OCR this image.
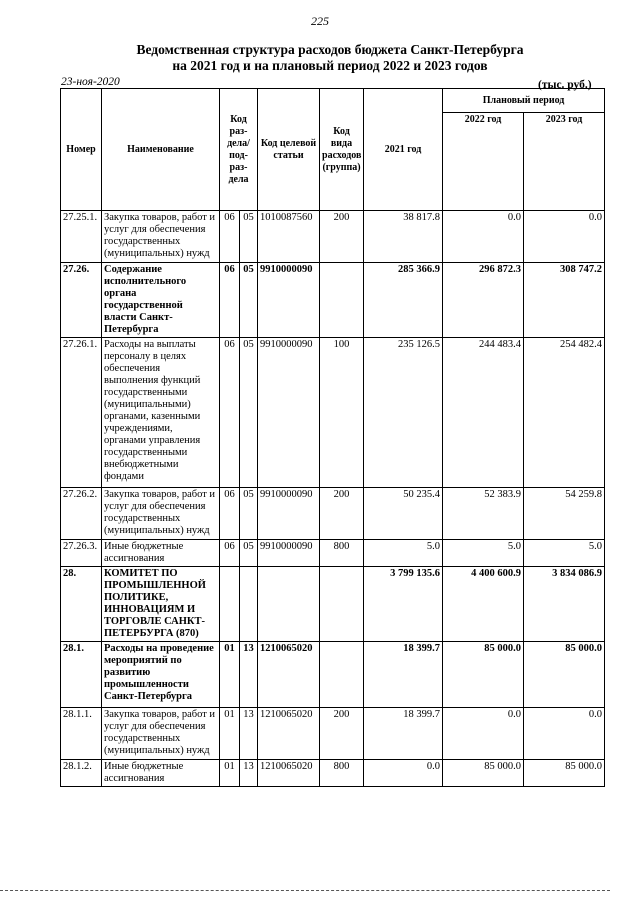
225
Ведомственная структура расходов бюджета Санкт-Петербурга
на 2021 год и на плановый период 2022 и 2023 годов
23-ноя-2020	(тыс. руб.)
Номер	Наименование	Код раз- дела/ под- раз- дела		Код целевой статьи	Код вида расходов (группа)	2021 год	Плановый период	
							2022 год	2023 год
27.25.1.	Закупка товаров, работ и услуг для обеспечения государственных (муниципальных) нужд	06	05	1010087560	200	38 817.8	0.0	0.0
27.26.	Содержание исполнительного органа государственной власти Санкт-Петербурга	06	05	9910000090		285 366.9	296 872.3	308 747.2
27.26.1.	Расходы на выплаты персоналу в целях обеспечения выполнения функций государственными (муниципальными) органами, казенными учреждениями, органами управления государственными внебюджетными фондами	06	05	9910000090	100	235 126.5	244 483.4	254 482.4
27.26.2.	Закупка товаров, работ и услуг для обеспечения государственных (муниципальных) нужд	06	05	9910000090	200	50 235.4	52 383.9	54 259.8
27.26.3.	Иные бюджетные ассигнования	06	05	9910000090	800	5.0	5.0	5.0
28.	КОМИТЕТ ПО ПРОМЫШЛЕННОЙ ПОЛИТИКЕ, ИННОВАЦИЯМ И ТОРГОВЛЕ САНКТ-ПЕТЕРБУРГА (870)					3 799 135.6	4 400 600.9	3 834 086.9
28.1.	Расходы на проведение мероприятий по развитию промышленности Санкт-Петербурга	01	13	1210065020		18 399.7	85 000.0	85 000.0
28.1.1.	Закупка товаров, работ и услуг для обеспечения государственных (муниципальных) нужд	01	13	1210065020	200	18 399.7	0.0	0.0
28.1.2.	Иные бюджетные ассигнования	01	13	1210065020	800	0.0	85 000.0	85 000.0
